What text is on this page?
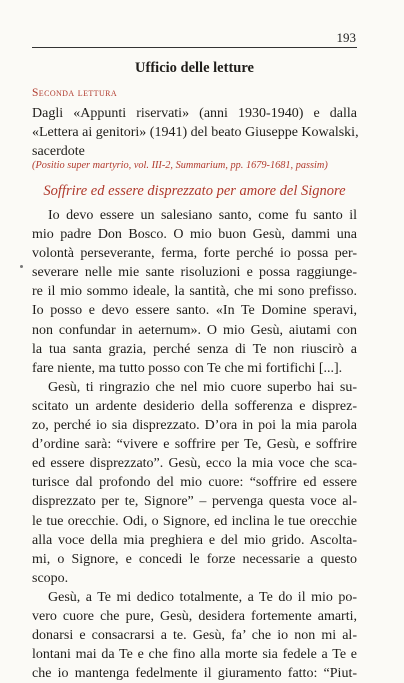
193
Ufficio delle letture
Seconda lettura
Dagli «Appunti riservati» (anni 1930-1940) e dalla
«Lettera ai genitori» (1941) del beato Giuseppe Kowalski,
sacerdote
(Positio super martyrio, vol. III-2, Summarium, pp. 1679-1681, passim)
Soffrire ed essere disprezzato per amore del Signore
Io devo essere un salesiano santo, come fu santo il
mio padre Don Bosco. O mio buon Gesù, dammi una
volontà perseverante, ferma, forte perché io possa per-
severare nelle mie sante risoluzioni e possa raggiunge-
re il mio sommo ideale, la santità, che mi sono prefisso.
Io posso e devo essere santo. «In Te Domine speravi,
non confundar in aeternum». O mio Gesù, aiutami con
la tua santa grazia, perché senza di Te non riuscirò a
fare niente, ma tutto posso con Te che mi fortifichi [...].
Gesù, ti ringrazio che nel mio cuore superbo hai su-
scitato un ardente desiderio della sofferenza e disprez-
zo, perché io sia disprezzato. D’ora in poi la mia parola
d’ordine sarà: “vivere e soffrire per Te, Gesù, e soffrire
ed essere disprezzato”. Gesù, ecco la mia voce che sca-
turisce dal profondo del mio cuore: “soffrire ed essere
disprezzato per te, Signore” – pervenga questa voce al-
le tue orecchie. Odi, o Signore, ed inclina le tue orecchie
alla voce della mia preghiera e del mio grido. Ascolta-
mi, o Signore, e concedi le forze necessarie a questo
scopo.
Gesù, a Te mi dedico totalmente, a Te do il mio po-
vero cuore che pure, Gesù, desidera fortemente amarti,
donarsi e consacrarsi a te. Gesù, fa’ che io non mi al-
lontani mai da Te e che fino alla morte sia fedele a Te e
che io mantenga fedelmente il giuramento fatto: “Piut-
